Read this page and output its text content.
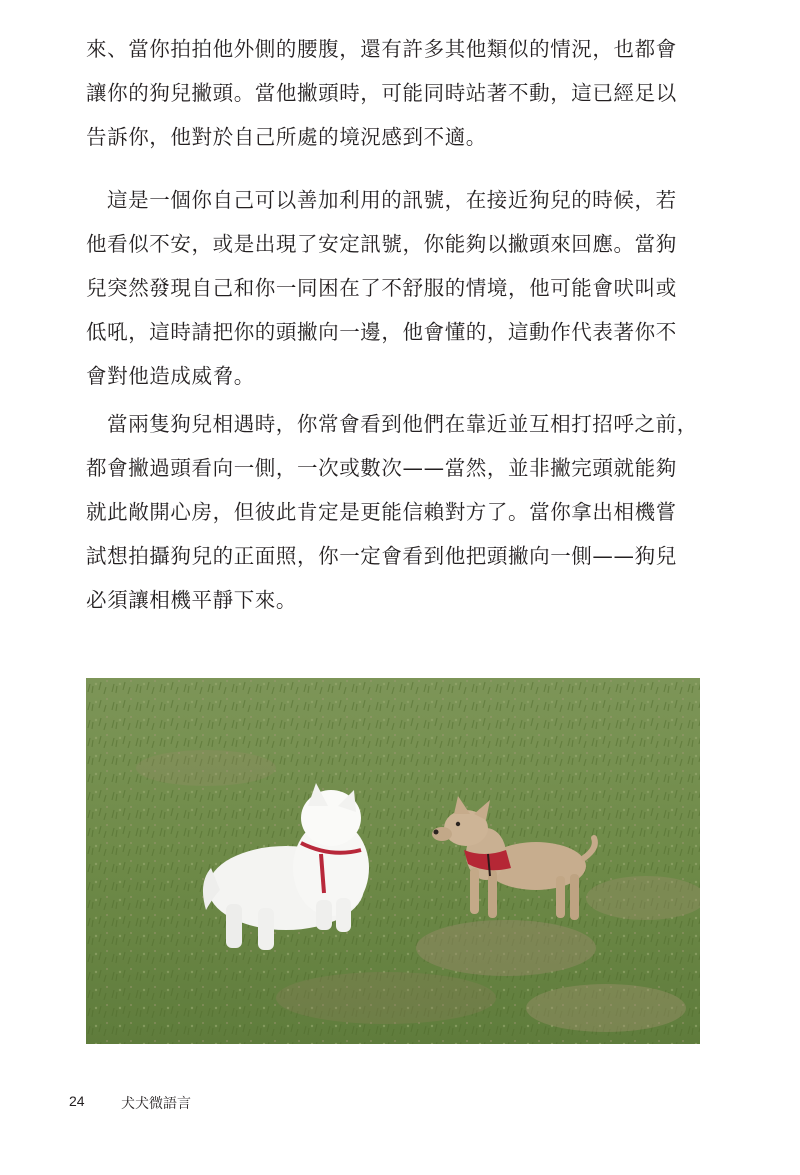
來、當你拍拍他外側的腰腹，還有許多其他類似的情況，也都會
讓你的狗兒撇頭。當他撇頭時，可能同時站著不動，這已經足以
告訴你，他對於自己所處的境況感到不適。
這是一個你自己可以善加利用的訊號，在接近狗兒的時候，若
他看似不安，或是出現了安定訊號，你能夠以撇頭來回應。當狗
兒突然發現自己和你一同困在了不舒服的情境，他可能會吠叫或
低吼，這時請把你的頭撇向一邊，他會懂的，這動作代表著你不
會對他造成威脅。
當兩隻狗兒相遇時，你常會看到他們在靠近並互相打招呼之前，
都會撇過頭看向一側，一次或數次——當然，並非撇完頭就能夠
就此敞開心房，但彼此肯定是更能信賴對方了。當你拿出相機嘗
試想拍攝狗兒的正面照，你一定會看到他把頭撇向一側——狗兒
必須讓相機平靜下來。
24	犬犬微語言
